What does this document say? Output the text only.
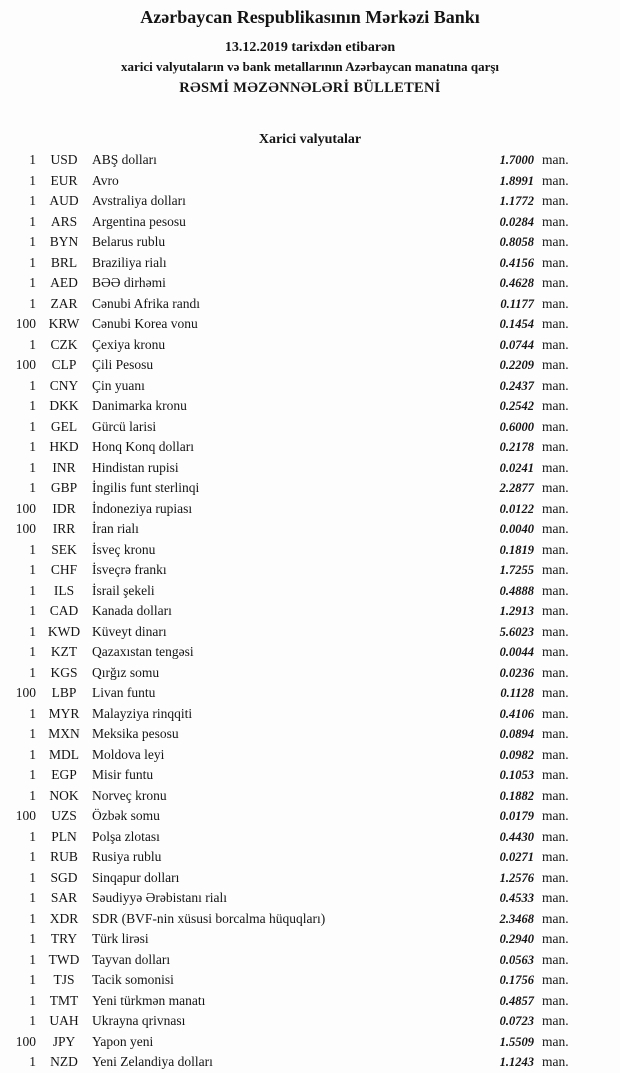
Azərbaycan Respublikasının Mərkəzi Bankı
13.12.2019 tarixdən etibarən
xarici valyutaların və bank metallarının Azərbaycan manatına qarşı
RƏSMİ MƏZƏNNƏLƏRİ BÜLLETENİ
Xarici valyutalar
1	USD	ABŞ dolları	1.7000 man.
1	EUR	Avro	1.8991 man.
1 AUD Avstraliya dolları	1.1772 man.
1	ARS	Argentina pesosu	0.0284 man.
1	BYN	Belarus rublu	0.8058 man.
1	BRL	Braziliya rialı	0.4156 man.
1	AED	BƏƏ dirhəmi	0.4628 man.
1	ZAR	Cənubi Afrika randı	0.1177 man.
100 KRW Cənubi Korea vonu	0.1454 man.
1	CZK	Çexiya kronu	0.0744 man.
100	CLP	Çili Pesosu	0.2209 man.
1	CNY	Çin yuanı	0.2437 man.
1 DKK Danimarka kronu	0.2542 man.
1	GEL	Gürcü larisi	0.6000 man.
1 HKD Honq Konq dolları	0.2178 man.
1	INR	Hindistan rupisi	0.0241 man.
1	GBP	İngilis funt sterlinqi	2.2877 man.
100	IDR	İndoneziya rupiası	0.0122 man.
100	IRR	İran rialı	0.0040 man.
1	SEK	İsveç kronu	0.1819 man.
1	CHF	İsveçrə frankı	1.7255 man.
1	ILS	İsrail şekeli	0.4888 man.
1	CAD	Kanada dolları	1.2913 man.
1 KWD Küveyt dinarı	5.6023 man.
1	KZT	Qazaxıstan tengəsi	0.0044 man.
1	KGS	Qırğız somu	0.0236 man.
100	LBP	Livan funtu	0.1128 man.
1 MYR Malayziya rinqqiti	0.4106 man.
1 MXN Meksika pesosu	0.0894 man.
1 MDL Moldova leyi	0.0982 man.
1	EGP	Misir funtu	0.1053 man.
1 NOK Norveç kronu	0.1882 man.
100	UZS	Özbək somu	0.0179 man.
1	PLN	Polşa zlotası	0.4430 man.
1	RUB	Rusiya rublu	0.0271 man.
1	SGD	Sinqapur dolları	1.2576 man.
1	SAR	Səudiyyə Ərəbistanı rialı	0.4533 man.
1	XDR	SDR (BVF-nin xüsusi borcalma hüquqları)	2.3468 man.
1	TRY	Türk lirəsi	0.2940 man.
1 TWD Tayvan dolları	0.0563 man.
1	TJS	Tacik somonisi	0.1756 man.
1	TMT	Yeni türkmən manatı	0.4857 man.
1 UAH Ukrayna qrivnası	0.0723 man.
100	JPY	Yapon yeni	1.5509 man.
1	NZD	Yeni Zelandiya dolları	1.1243 man.
